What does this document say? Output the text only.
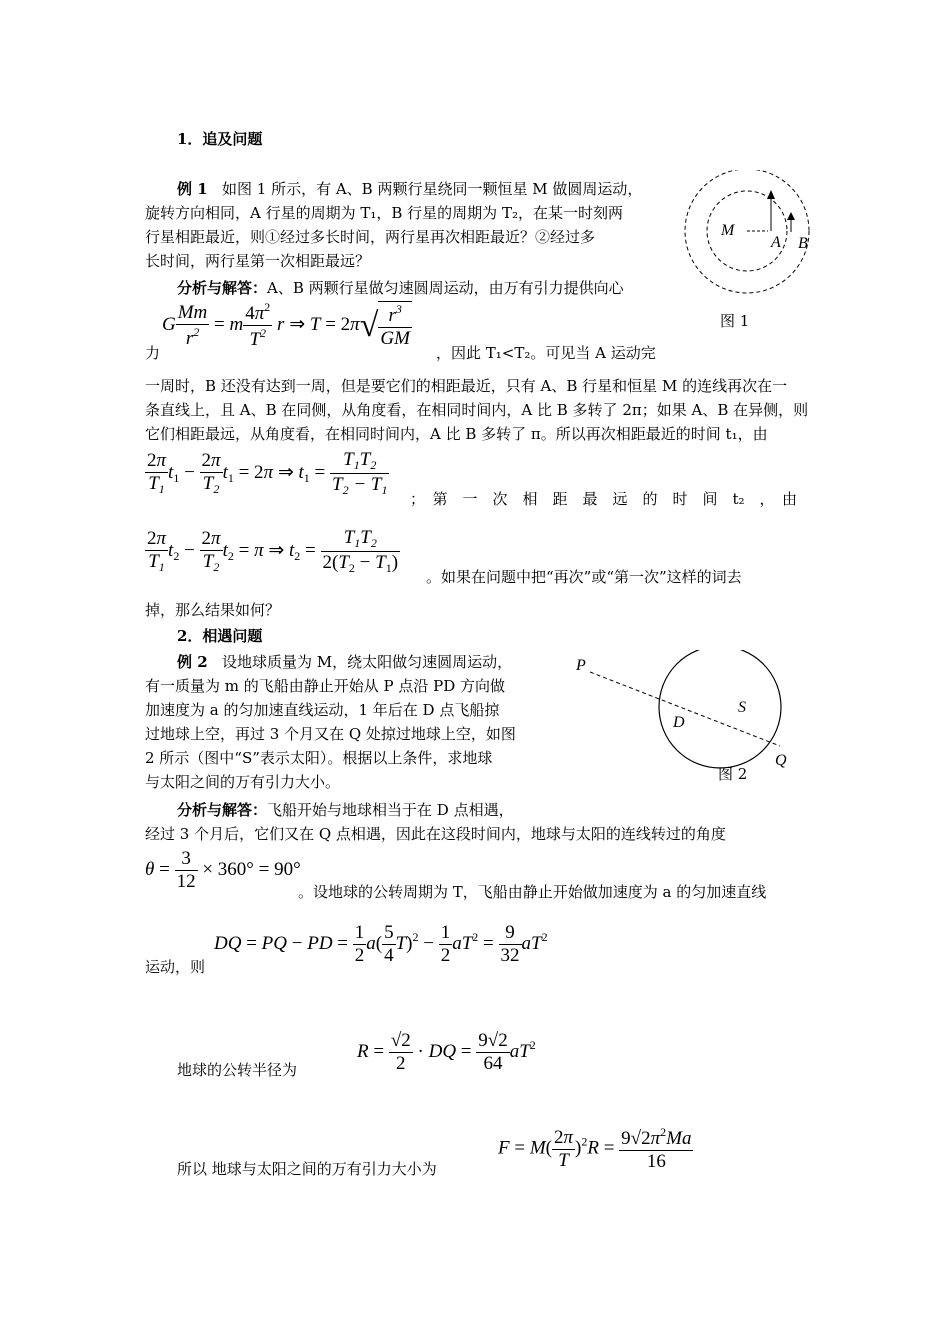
1．追及问题
例 1 如图 1 所示，有 A、B 两颗行星绕同一颗恒星 M 做圆周运动，
旋转方向相同，A 行星的周期为 T₁，B 行星的周期为 T₂，在某一时刻两
行星相距最近，则①经过多长时间，两行星再次相距最近？②经过多
长时间，两行星第一次相距最远？
分析与解答：A、B 两颗行星做匀速圆周运动，由万有引力提供向心
力
G $\frac{Mm}{r^2} = m \frac{4\pi^2}{T^2}$ r ⇒ $T = 2\pi√ \frac{r^3}{GM}$
，因此 T₁<T₂。可见当 A 运动完
一周时，B 还没有达到一周，但是要它们的相距最近，只有 A、B 行星和恒星 M 的连线再次在一
条直线上，且 A、B 在同侧，从角度看，在相同时间内，A 比 B 多转了 2π；如果 A、B 在异侧，则
它们相距最远，从角度看，在相同时间内，A 比 B 多转了 π。所以再次相距最近的时间 t₁，由
$\frac{2\pi}{T_1} t_1 - \frac{2\pi}{T_2} t_1 = 2\pi$ ⇒ $t_1 = \frac{T_1T_2}{T_2 - T_1}$
；　第　一　次　相　距　最　远　的　时　间　t₂　，　由
$\frac{2\pi}{T_1} t_2 - \frac{2\pi}{T_2} t_2 = \pi$ ⇒ $t_2 = \frac{T_1T_2}{2(T_2 - T_1)}$
。如果在问题中把“再次”或“第一次”这样的词去
掉，那么结果如何？
M
A B
图 1
2．相遇问题
例 2 设地球质量为 M，绕太阳做匀速圆周运动，
有一质量为 m 的飞船由静止开始从 P 点沿 PD 方向做
加速度为 a 的匀加速直线运动，1 年后在 D 点飞船掠
过地球上空，再过 3 个月又在 Q 处掠过地球上空，如图
2 所示（图中“S”表示太阳）。根据以上条件，求地球
与太阳之间的万有引力大小。
分析与解答：飞船开始与地球相当于在 D 点相遇，
经过 3 个月后，它们又在 Q 点相遇，因此在这段时间内，地球与太阳的连线转过的角度
$\theta = \frac{3}{12} \times 360^\circ = 90^\circ$
。设地球的公转周期为 T，飞船由静止开始做加速度为 a 的匀加速直线
运动，则
DQ = PQ − PD = $\frac{1}{2} a( \frac{5}{4} T)^2 - \frac{1}{2} aT^2 = \frac{9}{32} aT^2$
$R = \frac{√2}{2}$ · DQ = $\frac{9√2}{64} aT^2$
地球的公转半径为
$F = M( \frac{2\pi}{T} )^2R = \frac{9√2\pi^2Ma}{16}$
所以 地球与太阳之间的万有引力大小为
P
D
S
Q
图 2
